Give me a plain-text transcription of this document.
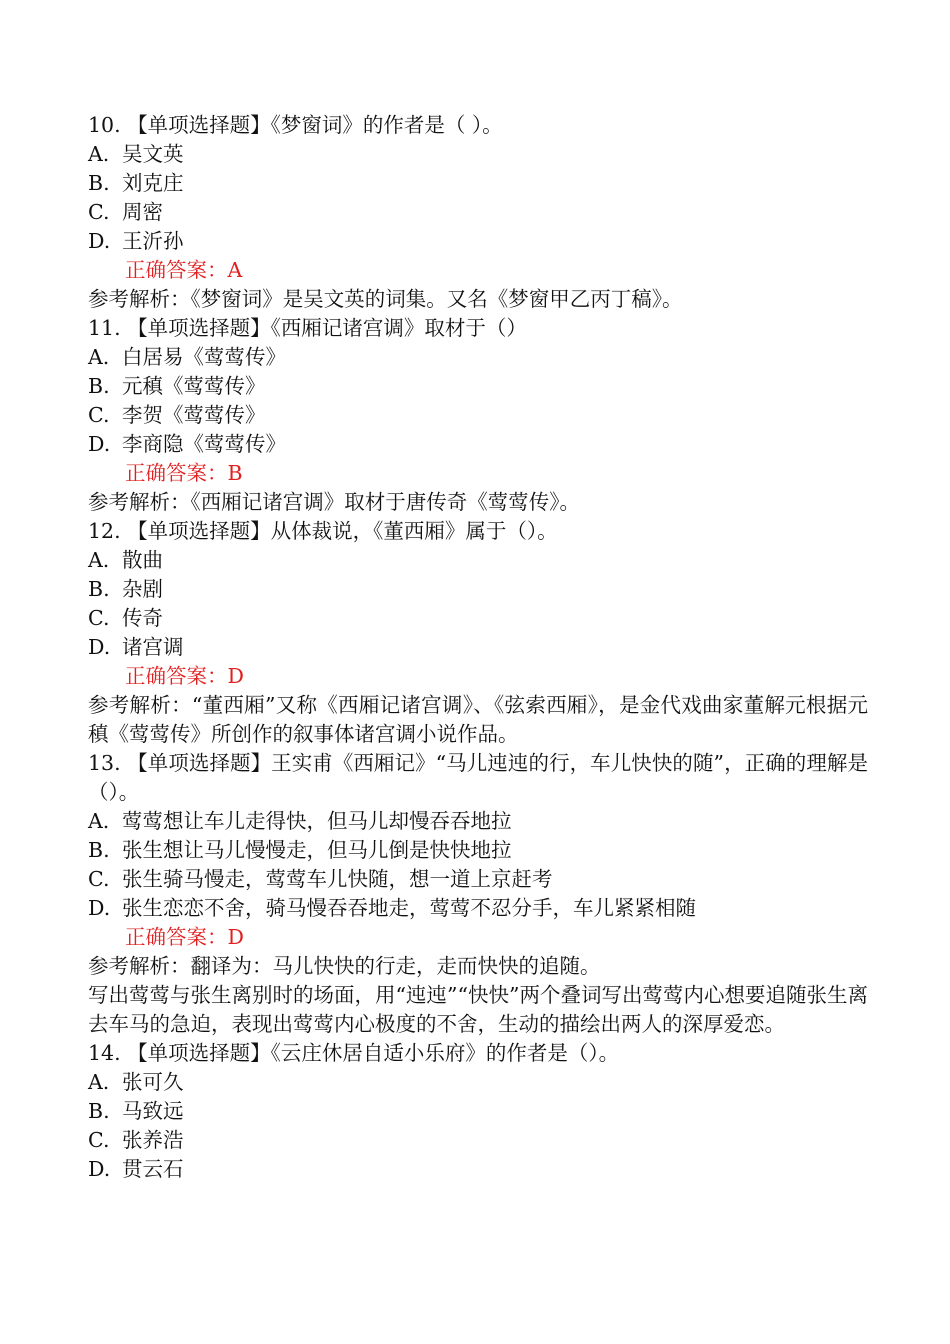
10. 【单项选择题】《梦窗词》的作者是（ ）。
A. 吴文英
B. 刘克庄
C. 周密
D. 王沂孙
正确答案：A
参考解析：《梦窗词》是吴文英的词集。又名《梦窗甲乙丙丁稿》。
11. 【单项选择题】《西厢记诸宫调》取材于（）
A. 白居易《莺莺传》
B. 元稹《莺莺传》
C. 李贺《莺莺传》
D. 李商隐《莺莺传》
正确答案：B
参考解析：《西厢记诸宫调》取材于唐传奇《莺莺传》。
12. 【单项选择题】从体裁说，《董西厢》属于（）。
A. 散曲
B. 杂剧
C. 传奇
D. 诸宫调
正确答案：D
参考解析：“董西厢”又称《西厢记诸宫调》、《弦索西厢》，是金代戏曲家董解元根据元稹《莺莺传》所创作的叙事体诸宫调小说作品。
13. 【单项选择题】王实甫《西厢记》“马儿迍迍的行，车儿快快的随”，正确的理解是（）。
A. 莺莺想让车儿走得快，但马儿却慢吞吞地拉
B. 张生想让马儿慢慢走，但马儿倒是快快地拉
C. 张生骑马慢走，莺莺车儿快随，想一道上京赶考
D. 张生恋恋不舍，骑马慢吞吞地走，莺莺不忍分手，车儿紧紧相随
正确答案：D
参考解析：翻译为：马儿快快的行走，走而快快的追随。
写出莺莺与张生离别时的场面，用“迍迍”“快快”两个叠词写出莺莺内心想要追随张生离去车马的急迫，表现出莺莺内心极度的不舍，生动的描绘出两人的深厚爱恋。
14. 【单项选择题】《云庄休居自适小乐府》的作者是（）。
A. 张可久
B. 马致远
C. 张养浩
D. 贯云石
